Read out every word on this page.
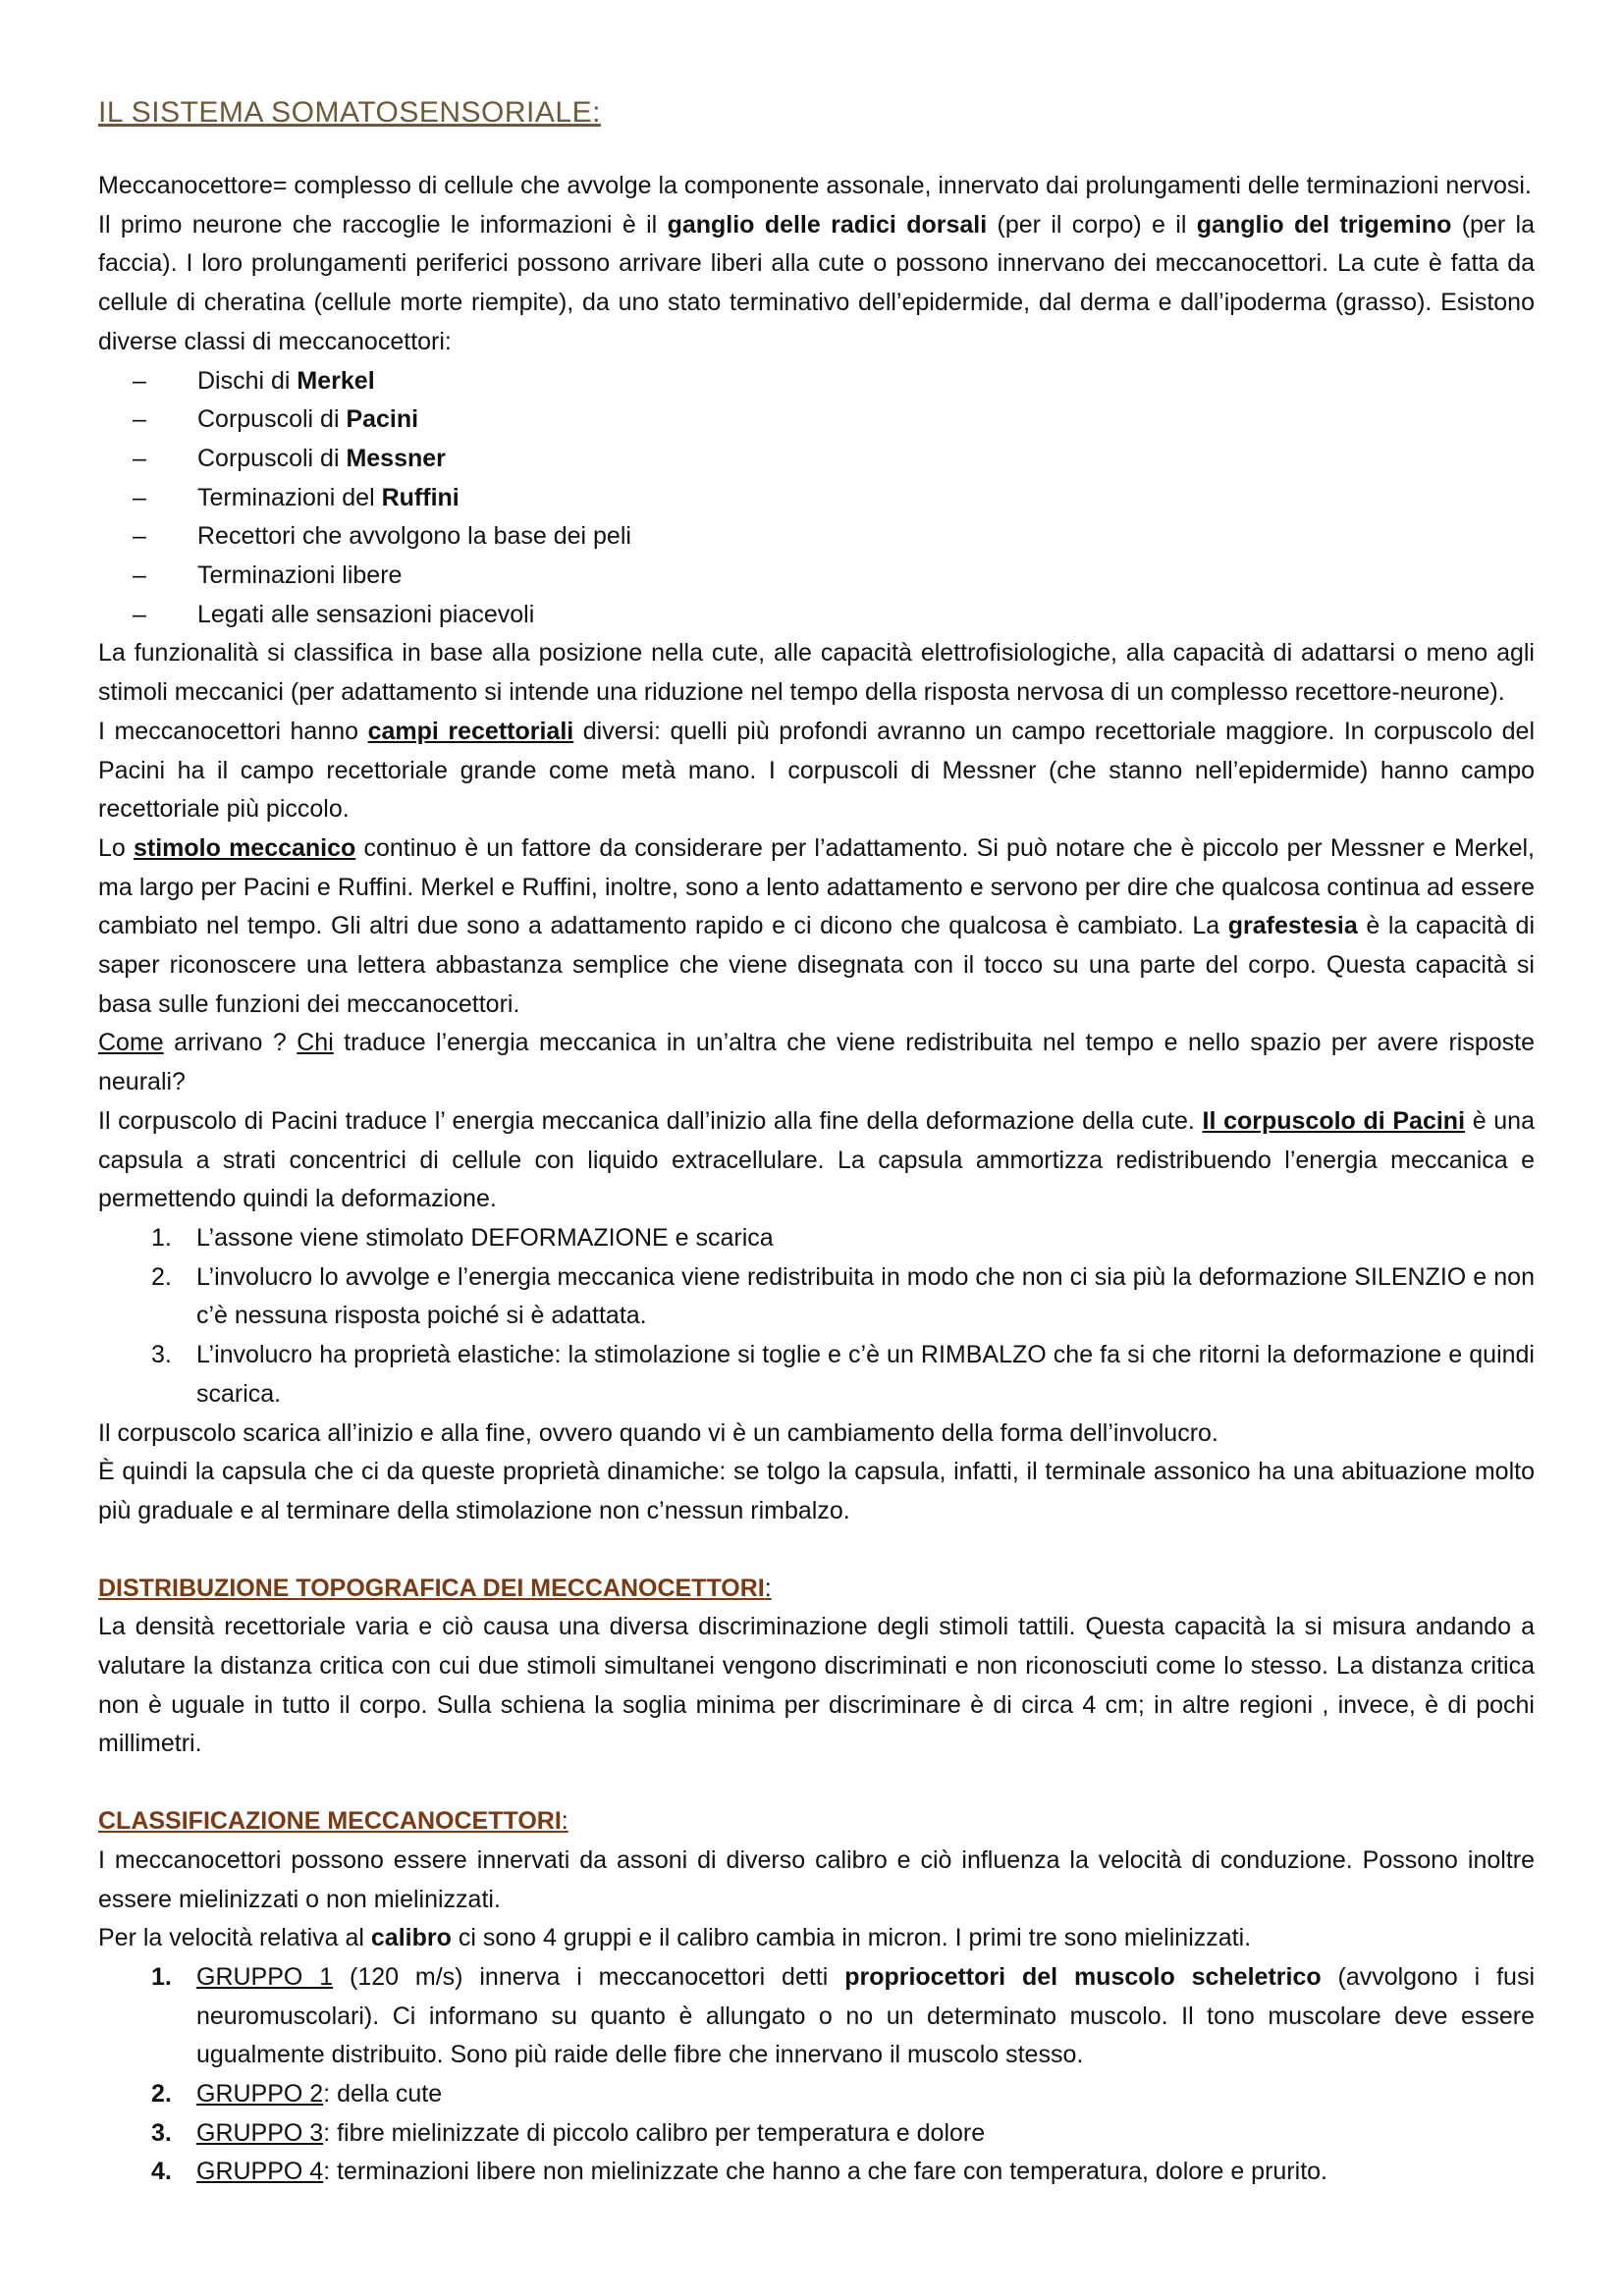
IL SISTEMA SOMATOSENSORIALE:

Meccanocettore= complesso di cellule che avvolge la componente assonale, innervato dai prolungamenti delle terminazioni nervosi.

Il primo neurone che raccoglie le informazioni è il ganglio delle radici dorsali (per il corpo) e il ganglio del trigemino (per la faccia). I loro prolungamenti periferici possono arrivare liberi alla cute o possono innervano dei meccanocettori. La cute è fatta da cellule di cheratina (cellule morte riempite), da uno stato terminativo dell’epidermide, dal derma e dall’ipoderma (grasso). Esistono diverse classi di meccanocettori:

– Dischi di Merkel
– Corpuscoli di Pacini
– Corpuscoli di Messner
– Terminazioni del Ruffini
– Recettori che avvolgono la base dei peli
– Terminazioni libere
– Legati alle sensazioni piacevoli

La funzionalità si classifica in base alla posizione nella cute, alle capacità elettrofisiologiche, alla capacità di adattarsi o meno agli stimoli meccanici (per adattamento si intende una riduzione nel tempo della risposta nervosa di un complesso recettore-neurone).

I meccanocettori hanno campi recettoriali diversi: quelli più profondi avranno un campo recettoriale maggiore. In corpuscolo del Pacini ha il campo recettoriale grande come metà mano. I corpuscoli di Messner (che stanno nell’epidermide) hanno campo recettoriale più piccolo.

Lo stimolo meccanico continuo è un fattore da considerare per l’adattamento. Si può notare che è piccolo per Messner e Merkel, ma largo per Pacini e Ruffini. Merkel e Ruffini, inoltre, sono a lento adattamento e servono per dire che qualcosa continua ad essere cambiato nel tempo. Gli altri due sono a adattamento rapido e ci dicono che qualcosa è cambiato. La grafestesia è la capacità di saper riconoscere una lettera abbastanza semplice che viene disegnata con il tocco su una parte del corpo. Questa capacità si basa sulle funzioni dei meccanocettori.

Come arrivano ? Chi traduce l’energia meccanica in un’altra che viene redistribuita nel tempo e nello spazio per avere risposte neurali?

Il corpuscolo di Pacini traduce l’ energia meccanica dall’inizio alla fine della deformazione della cute. Il corpuscolo di Pacini è una capsula a strati concentrici di cellule con liquido extracellulare. La capsula ammortizza redistribuendo l’energia meccanica e permettendo quindi la deformazione.

1. L’assone viene stimolato DEFORMAZIONE e scarica
2. L’involucro lo avvolge e l’energia meccanica viene redistribuita in modo che non ci sia più la deformazione SILENZIO e non c’è nessuna risposta poiché si è adattata.
3. L’involucro ha proprietà elastiche: la stimolazione si toglie e c’è un RIMBALZO che fa si che ritorni la deformazione e quindi scarica.

Il corpuscolo scarica all’inizio e alla fine, ovvero quando vi è un cambiamento della forma dell’involucro.

È quindi la capsula che ci da queste proprietà dinamiche: se tolgo la capsula, infatti, il terminale assonico ha una abituazione molto più graduale e al terminare della stimolazione non c’nessun rimbalzo.

DISTRIBUZIONE TOPOGRAFICA DEI MECCANOCETTORI:

La densità recettoriale varia e ciò causa una diversa discriminazione degli stimoli tattili. Questa capacità la si misura andando a valutare la distanza critica con cui due stimoli simultanei vengono discriminati e non riconosciuti come lo stesso. La distanza critica non è uguale in tutto il corpo. Sulla schiena la soglia minima per discriminare è di circa 4 cm; in altre regioni , invece, è di pochi millimetri.

CLASSIFICAZIONE MECCANOCETTORI:

I meccanocettori possono essere innervati da assoni di diverso calibro e ciò influenza la velocità di conduzione. Possono inoltre essere mielinizzati o non mielinizzati.

Per la velocità relativa al calibro ci sono 4 gruppi e il calibro cambia in micron. I primi tre sono mielinizzati.

1. GRUPPO 1 (120 m/s) innerva i meccanocettori detti propriocettori del muscolo scheletrico (avvolgono i fusi neuromuscolari). Ci informano su quanto è allungato o no un determinato muscolo. Il tono muscolare deve essere ugualmente distribuito. Sono più raide delle fibre che innervano il muscolo stesso.
2. GRUPPO 2: della cute
3. GRUPPO 3: fibre mielinizzate di piccolo calibro per temperatura e dolore
4. GRUPPO 4: terminazioni libere non mielinizzate che hanno a che fare con temperatura, dolore e prurito.
